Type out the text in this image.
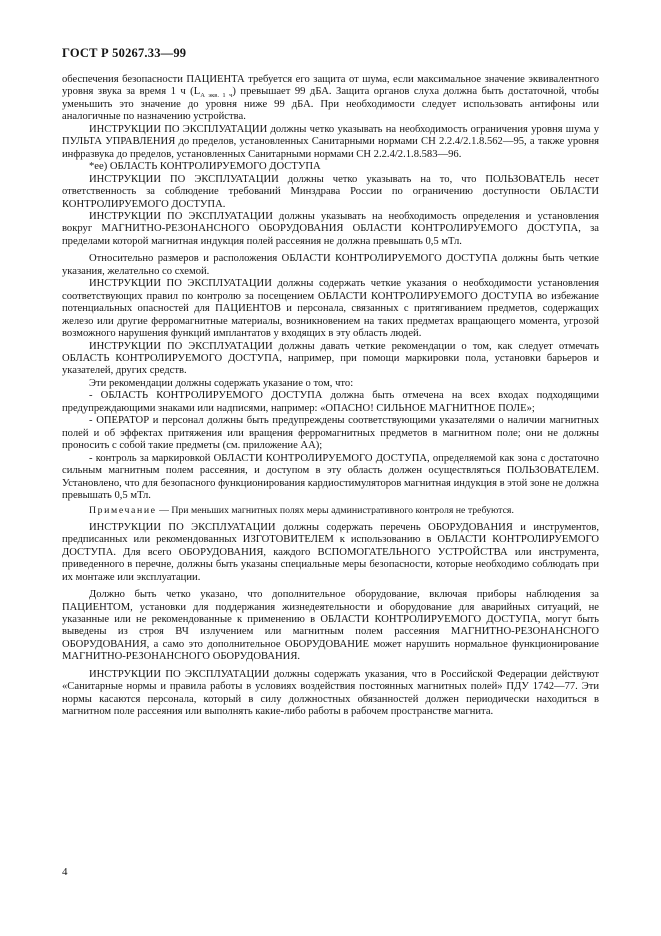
ГОСТ Р 50267.33—99

обеспечения безопасности ПАЦИЕНТА требуется его защита от шума, если максимальное значение эквивалентного уровня звука за время 1 ч $(L_{А экв. 1 ч})$ превышает 99 дБА. Защита органов слуха должна быть достаточной, чтобы уменьшить это значение до уровня ниже 99 дБА. При необходимости следует использовать антифоны или аналогичные по назначению устройства.

ИНСТРУКЦИИ ПО ЭКСПЛУАТАЦИИ должны четко указывать на необходимость ограничения уровня шума у ПУЛЬТА УПРАВЛЕНИЯ до пределов, установленных Санитарными нормами СН 2.2.4/2.1.8.562—95, а также уровня инфразвука до пределов, установленных Санитарными нормами СН 2.2.4/2.1.8.583—96.

*ее) ОБЛАСТЬ КОНТРОЛИРУЕМОГО ДОСТУПА

ИНСТРУКЦИИ ПО ЭКСПЛУАТАЦИИ должны четко указывать на то, что ПОЛЬЗОВАТЕЛЬ несет ответственность за соблюдение требований Минздрава России по ограничению доступности ОБЛАСТИ КОНТРОЛИРУЕМОГО ДОСТУПА.

ИНСТРУКЦИИ ПО ЭКСПЛУАТАЦИИ должны указывать на необходимость определения и установления вокруг МАГНИТНО-РЕЗОНАНСНОГО ОБОРУДОВАНИЯ ОБЛАСТИ КОНТРОЛИРУЕМОГО ДОСТУПА, за пределами которой магнитная индукция полей рассеяния не должна превышать 0,5 мТл.

Относительно размеров и расположения ОБЛАСТИ КОНТРОЛИРУЕМОГО ДОСТУПА должны быть четкие указания, желательно со схемой.

ИНСТРУКЦИИ ПО ЭКСПЛУАТАЦИИ должны содержать четкие указания о необходимости установления соответствующих правил по контролю за посещением ОБЛАСТИ КОНТРОЛИРУЕМОГО ДОСТУПА во избежание потенциальных опасностей для ПАЦИЕНТОВ и персонала, связанных с притягиванием предметов, содержащих железо или другие ферромагнитные материалы, возникновением на таких предметах вращающего момента, угрозой возможного нарушения функций имплантатов у входящих в эту область людей.

ИНСТРУКЦИИ ПО ЭКСПЛУАТАЦИИ должны давать четкие рекомендации о том, как следует отмечать ОБЛАСТЬ КОНТРОЛИРУЕМОГО ДОСТУПА, например, при помощи маркировки пола, установки барьеров и указателей, других средств.

Эти рекомендации должны содержать указание о том, что:

- ОБЛАСТЬ КОНТРОЛИРУЕМОГО ДОСТУПА должна быть отмечена на всех входах подходящими предупреждающими знаками или надписями, например: «ОПАСНО! СИЛЬНОЕ МАГНИТНОЕ ПОЛЕ»;

- ОПЕРАТОР и персонал должны быть предупреждены соответствующими указателями о наличии магнитных полей и об эффектах притяжения или вращения ферромагнитных предметов в магнитном поле; они не должны проносить с собой такие предметы (см. приложение АА);

- контроль за маркировкой ОБЛАСТИ КОНТРОЛИРУЕМОГО ДОСТУПА, определяемой как зона с достаточно сильным магнитным полем рассеяния, и доступом в эту область должен осуществляться ПОЛЬЗОВАТЕЛЕМ. Установлено, что для безопасного функционирования кардиостимуляторов магнитная индукция в этой зоне не должна превышать 0,5 мТл.

Примечание — При меньших магнитных полях меры административного контроля не требуются.

ИНСТРУКЦИИ ПО ЭКСПЛУАТАЦИИ должны содержать перечень ОБОРУДОВАНИЯ и инструментов, предписанных или рекомендованных ИЗГОТОВИТЕЛЕМ к использованию в ОБЛАСТИ КОНТРОЛИРУЕМОГО ДОСТУПА. Для всего ОБОРУДОВАНИЯ, каждого ВСПОМОГАТЕЛЬНОГО УСТРОЙСТВА или инструмента, приведенного в перечне, должны быть указаны специальные меры безопасности, которые необходимо соблюдать при их монтаже или эксплуатации.

Должно быть четко указано, что дополнительное оборудование, включая приборы наблюдения за ПАЦИЕНТОМ, установки для поддержания жизнедеятельности и оборудование для аварийных ситуаций, не указанные или не рекомендованные к применению в ОБЛАСТИ КОНТРОЛИРУЕМОГО ДОСТУПА, могут быть выведены из строя ВЧ излучением или магнитным полем рассеяния МАГНИТНО-РЕЗОНАНСНОГО ОБОРУДОВАНИЯ, а само это дополнительное ОБОРУДОВАНИЕ может нарушить нормальное функционирование МАГНИТНО-РЕЗОНАНСНОГО ОБОРУДОВАНИЯ.

ИНСТРУКЦИИ ПО ЭКСПЛУАТАЦИИ должны содержать указания, что в Российской Федерации действуют «Санитарные нормы и правила работы в условиях воздействия постоянных магнитных полей» ПДУ 1742—77. Эти нормы касаются персонала, который в силу должностных обязанностей должен периодически находиться в магнитном поле рассеяния или выполнять какие-либо работы в рабочем пространстве магнита.

4
